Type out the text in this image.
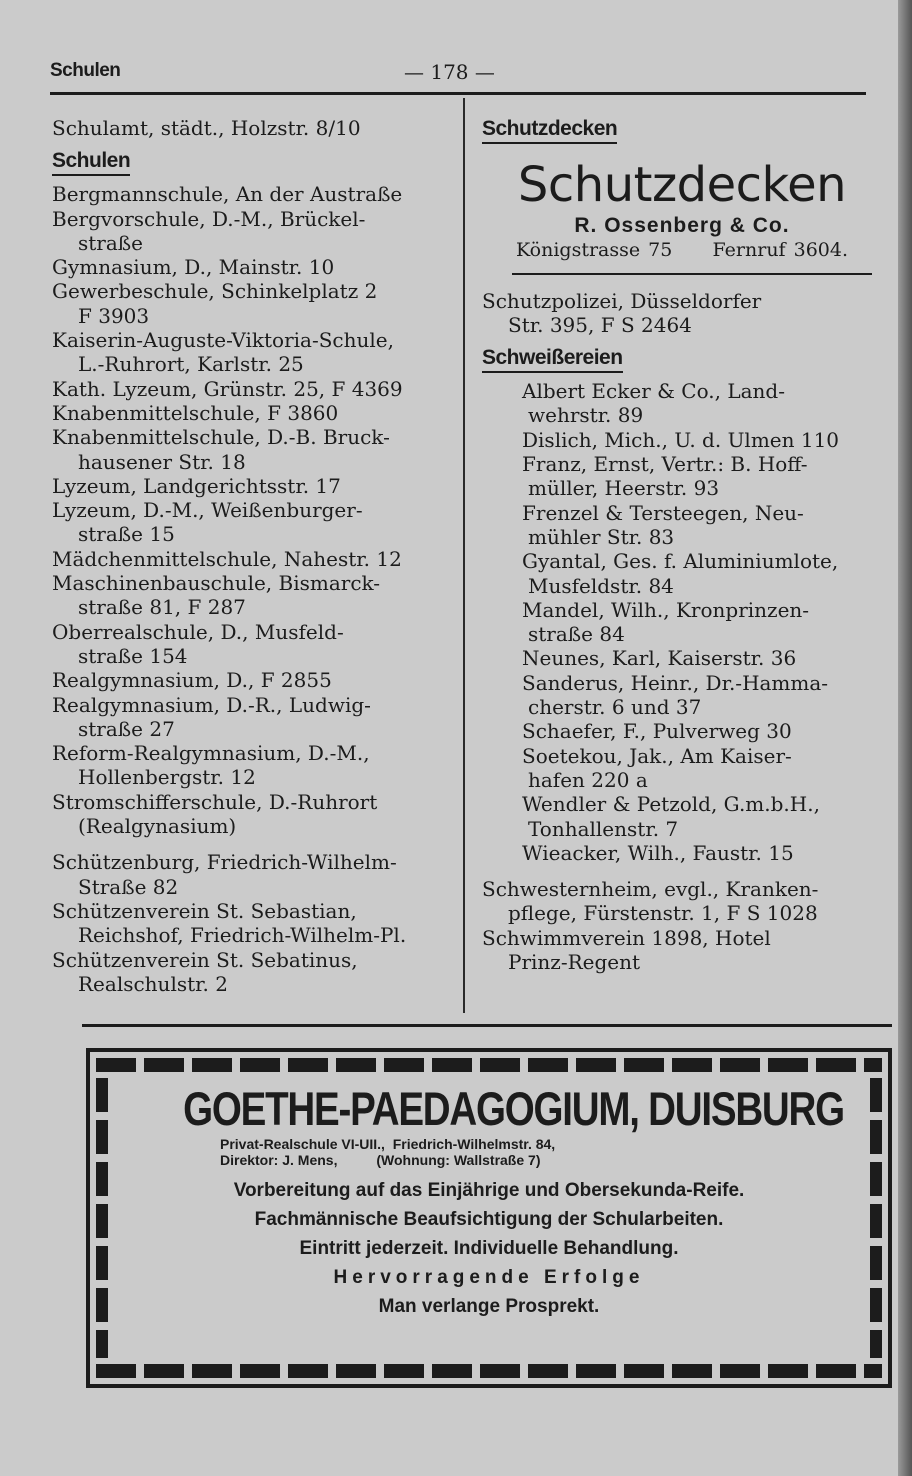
Schulen	— 178 —
Schulamt, städt., Holzstr. 8/10
Schulen
Bergmannschule, An der Austraße
Bergvorschule, D.-M., Brückel-
straße
Gymnasium, D., Mainstr. 10
Gewerbeschule, Schinkelplatz 2
F 3903
Kaiserin-Auguste-Viktoria-Schule,
L.-Ruhrort, Karlstr. 25
Kath. Lyzeum, Grünstr. 25, F 4369
Knabenmittelschule, F 3860
Knabenmittelschule, D.-B. Bruck-
hausener Str. 18
Lyzeum, Landgerichtsstr. 17
Lyzeum, D.-M., Weißenburger-
straße 15
Mädchenmittelschule, Nahestr. 12
Maschinenbauschule, Bismarck-
straße 81, F 287
Oberrealschule, D., Musfeld-
straße 154
Realgymnasium, D., F 2855
Realgymnasium, D.-R., Ludwig-
straße 27
Reform-Realgymnasium, D.-M.,
Hollenbergstr. 12
Stromschifferschule, D.-Ruhrort
(Realgynasium)
Schützenburg, Friedrich-Wilhelm-
Straße 82
Schützenverein St. Sebastian,
Reichshof, Friedrich-Wilhelm-Pl.
Schützenverein St. Sebatinus,
Realschulstr. 2
Schutzdecken
Schutzdecken
R. Ossenberg & Co.
Königstrasse 75 Fernruf 3604.
Schutzpolizei, Düsseldorfer
Str. 395, F S 2464
Schweißereien
Albert Ecker & Co., Land-
wehrstr. 89
Dislich, Mich., U. d. Ulmen 110
Franz, Ernst, Vertr.: B. Hoff-
müller, Heerstr. 93
Frenzel & Tersteegen, Neu-
mühler Str. 83
Gyantal, Ges. f. Aluminiumlote,
Musfeldstr. 84
Mandel, Wilh., Kronprinzen-
straße 84
Neunes, Karl, Kaiserstr. 36
Sanderus, Heinr., Dr.-Hamma-
cherstr. 6 und 37
Schaefer, F., Pulverweg 30
Soetekou, Jak., Am Kaiser-
hafen 220 a
Wendler & Petzold, G.m.b.H.,
Tonhallenstr. 7
Wieacker, Wilh., Faustr. 15
Schwesternheim, evgl., Kranken-
pflege, Fürstenstr. 1, F S 1028
Schwimmverein 1898, Hotel
Prinz-Regent
GOETHE-PAEDAGOGIUM, DUISBURG
Privat-Realschule VI-UII.,  Friedrich-Wilhelmstr. 84,
Direktor: J. Mens,          (Wohnung: Wallstraße 7)
Vorbereitung auf das Einjährige und Obersekunda-Reife.
Fachmännische Beaufsichtigung der Schularbeiten.
Eintritt jederzeit. Individuelle Behandlung.
Hervorragende Erfolge
Man verlange Prosprekt.
